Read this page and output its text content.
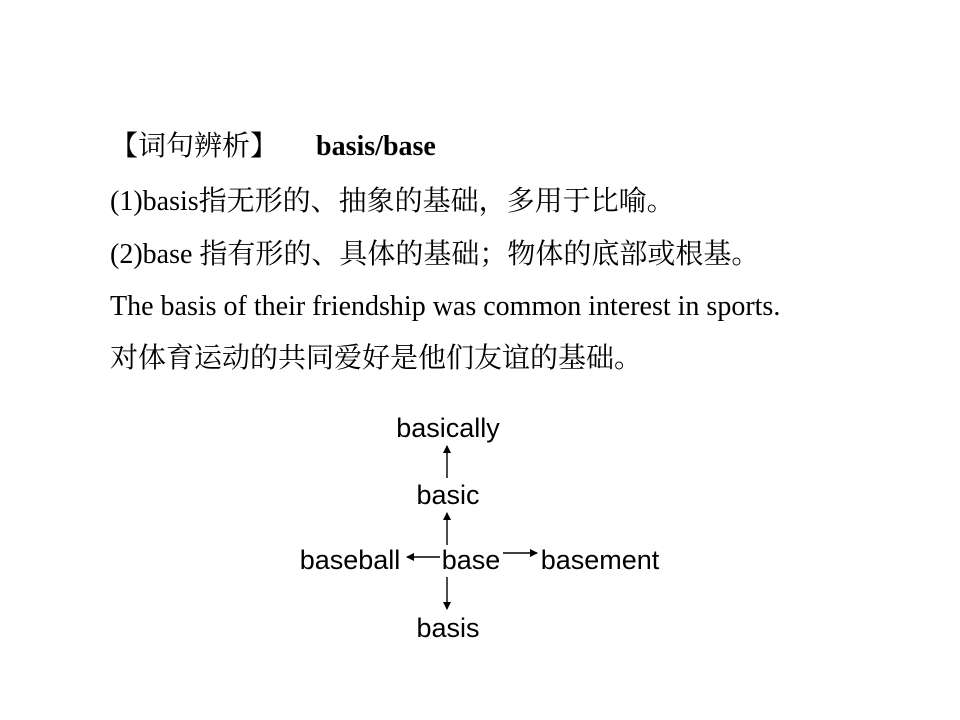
【词句辨析】 basis/base
(1)basis指无形的、抽象的基础，多用于比喻。
(2)base 指有形的、具体的基础；物体的底部或根基。
The basis of their friendship was common interest in sports.
对体育运动的共同爱好是他们友谊的基础。
basically
basic
baseball base basement
basis
